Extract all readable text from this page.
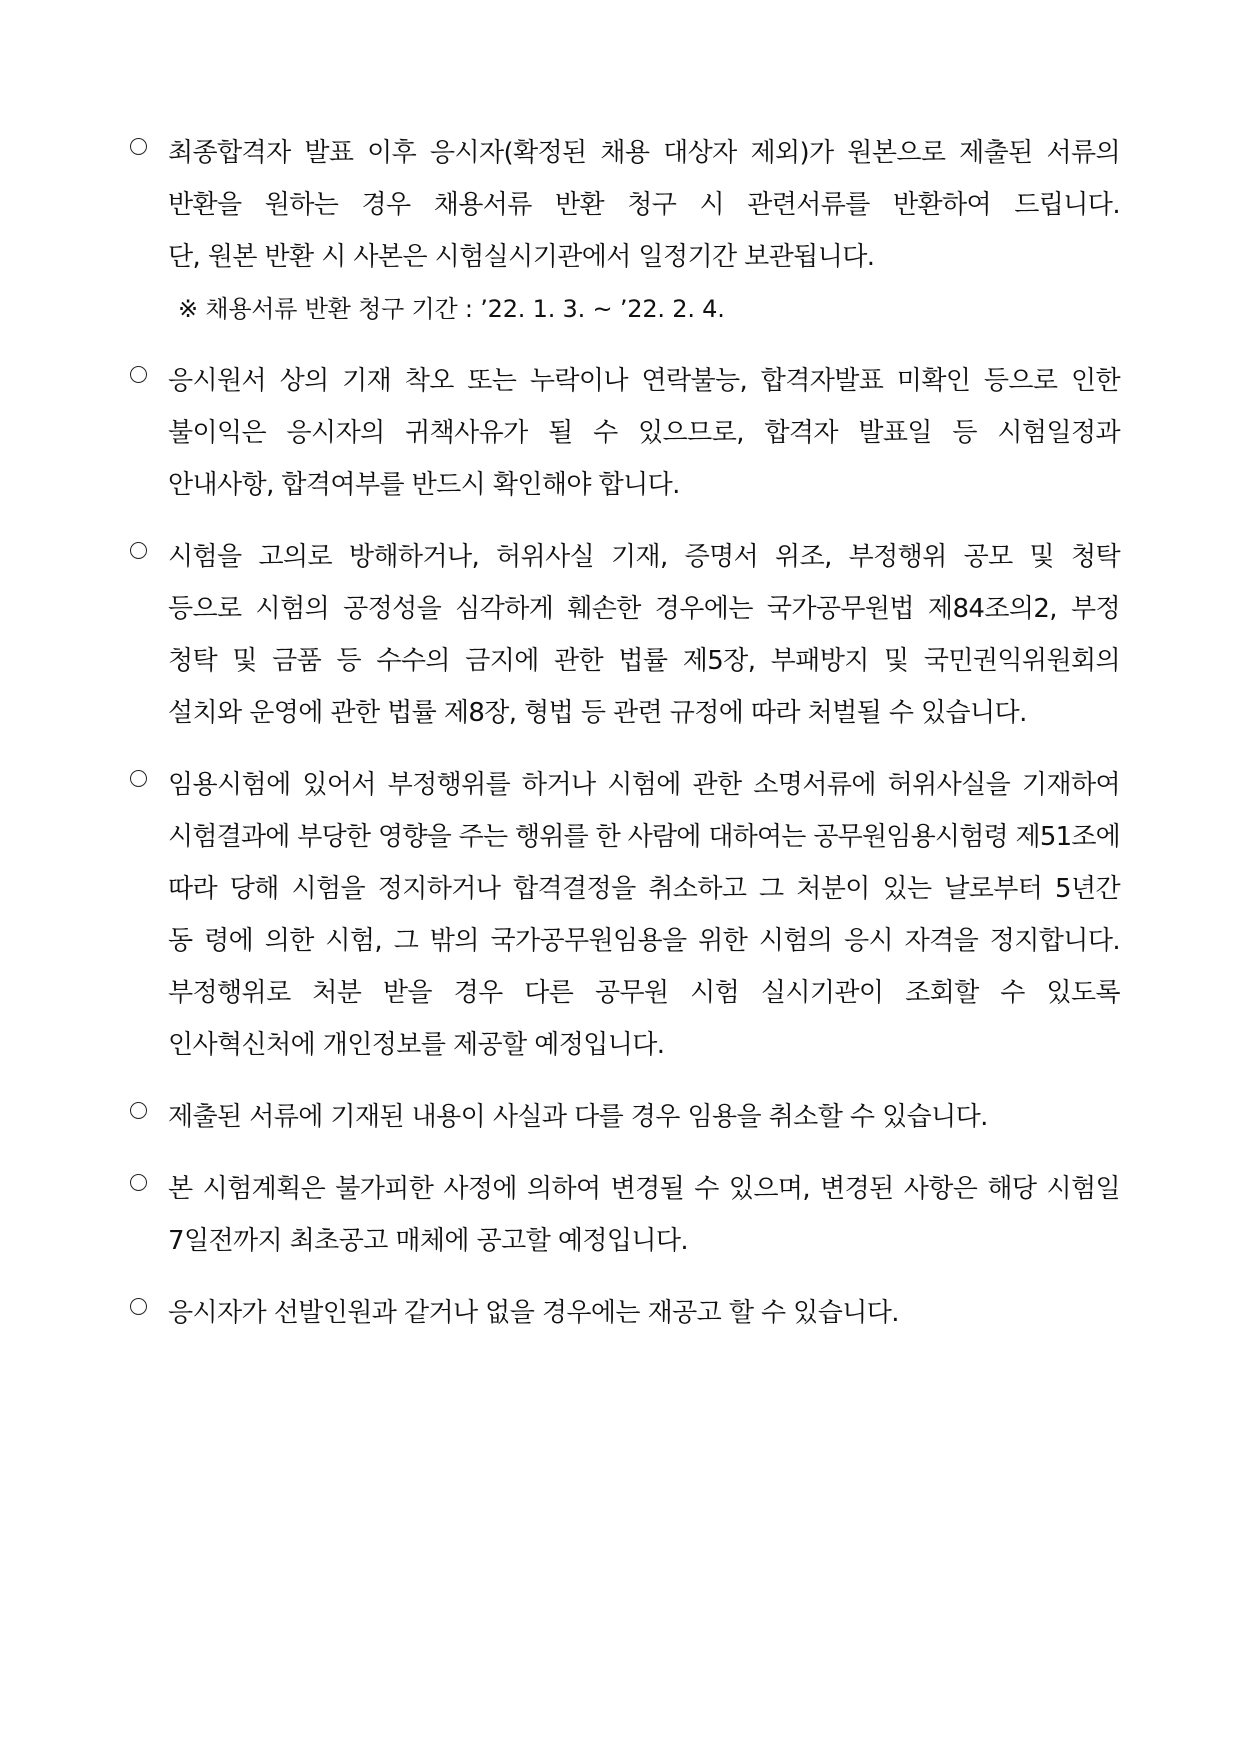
최종합격자 발표 이후 응시자(확정된 채용 대상자 제외)가 원본으로 제출된 서류의
반환을 원하는 경우 채용서류 반환 청구 시 관련서류를 반환하여 드립니다.
단, 원본 반환 시 사본은 시험실시기관에서 일정기간 보관됩니다.
※ 채용서류 반환 청구 기간 : ’22. 1. 3. ~ ’22. 2. 4.
응시원서 상의 기재 착오 또는 누락이나 연락불능, 합격자발표 미확인 등으로 인한
불이익은 응시자의 귀책사유가 될 수 있으므로, 합격자 발표일 등 시험일정과
안내사항, 합격여부를 반드시 확인해야 합니다.
시험을 고의로 방해하거나, 허위사실 기재, 증명서 위조, 부정행위 공모 및 청탁
등으로 시험의 공정성을 심각하게 훼손한 경우에는 국가공무원법 제84조의2, 부정
청탁 및 금품 등 수수의 금지에 관한 법률 제5장, 부패방지 및 국민권익위원회의
설치와 운영에 관한 법률 제8장, 형법 등 관련 규정에 따라 처벌될 수 있습니다.
임용시험에 있어서 부정행위를 하거나 시험에 관한 소명서류에 허위사실을 기재하여
시험결과에 부당한 영향을 주는 행위를 한 사람에 대하여는 공무원임용시험령 제51조에
따라 당해 시험을 정지하거나 합격결정을 취소하고 그 처분이 있는 날로부터 5년간
동 령에 의한 시험, 그 밖의 국가공무원임용을 위한 시험의 응시 자격을 정지합니다.
부정행위로 처분 받을 경우 다른 공무원 시험 실시기관이 조회할 수 있도록
인사혁신처에 개인정보를 제공할 예정입니다.
제출된 서류에 기재된 내용이 사실과 다를 경우 임용을 취소할 수 있습니다.
본 시험계획은 불가피한 사정에 의하여 변경될 수 있으며, 변경된 사항은 해당 시험일
7일전까지 최초공고 매체에 공고할 예정입니다.
응시자가 선발인원과 같거나 없을 경우에는 재공고 할 수 있습니다.
